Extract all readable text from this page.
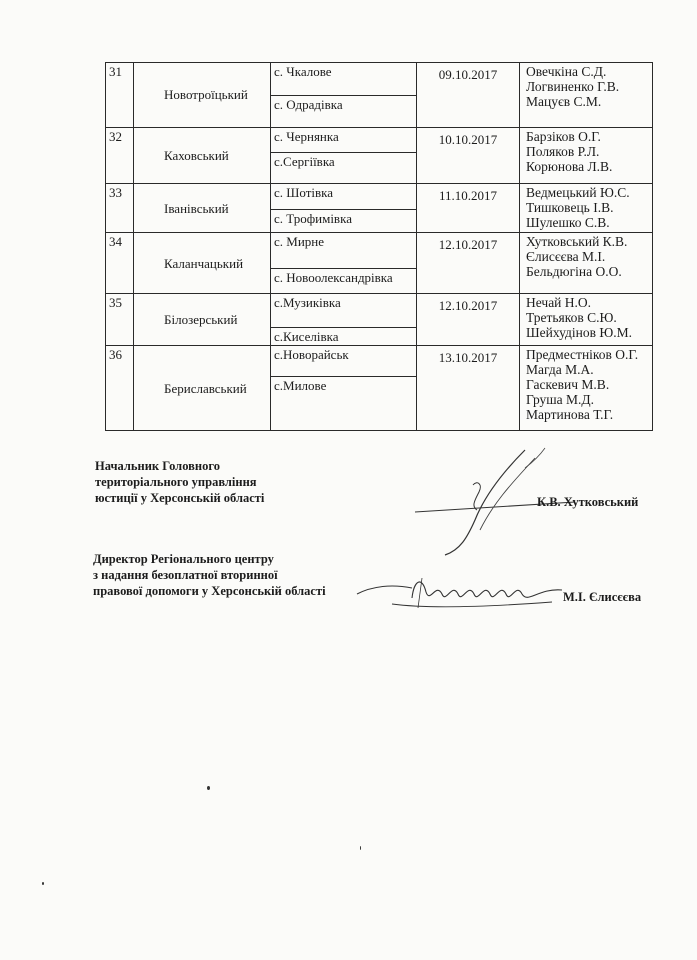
31	Новотроїцький	с. Чкалове	09.10.2017	Овечкіна С.Д.
Логвиненко Г.В.
Мацуєв С.М.

		с. Одрадівка		
32	Каховський	с. Чернянка	10.10.2017	Барзіков О.Г.
Поляков Р.Л.
Корюнова Л.В.

		с.Сергіївка		
33	Іванівський	с. Шотівка	11.10.2017	Ведмецький Ю.С.
Тишковець І.В.
Шулешко С.В.

		с. Трофимівка		
34	Каланчацький	с. Мирне	12.10.2017	Хутковський К.В.
Єлисєєва М.І.
Бельдюгіна О.О.

		с. Новоолександрівка		
35	Білозерський	с.Музиківка	12.10.2017	Нечай Н.О.
Третьяков С.Ю.
Шейхудінов Ю.М.

		с.Киселівка		
36	Бериславський	с.Новорайськ	13.10.2017	Предместніков О.Г.
Магда М.А.
Гаскевич М.В.
Груша М.Д.
Мартинова Т.Г.

		с.Милове		
Начальник Головного
територіального управління
юстиції у Херсонській області	К.В. Хутковський
Директор Регіонального центру
з надання безоплатної вторинної
правової допомоги у Херсонській області	М.І. Єлисєєва
